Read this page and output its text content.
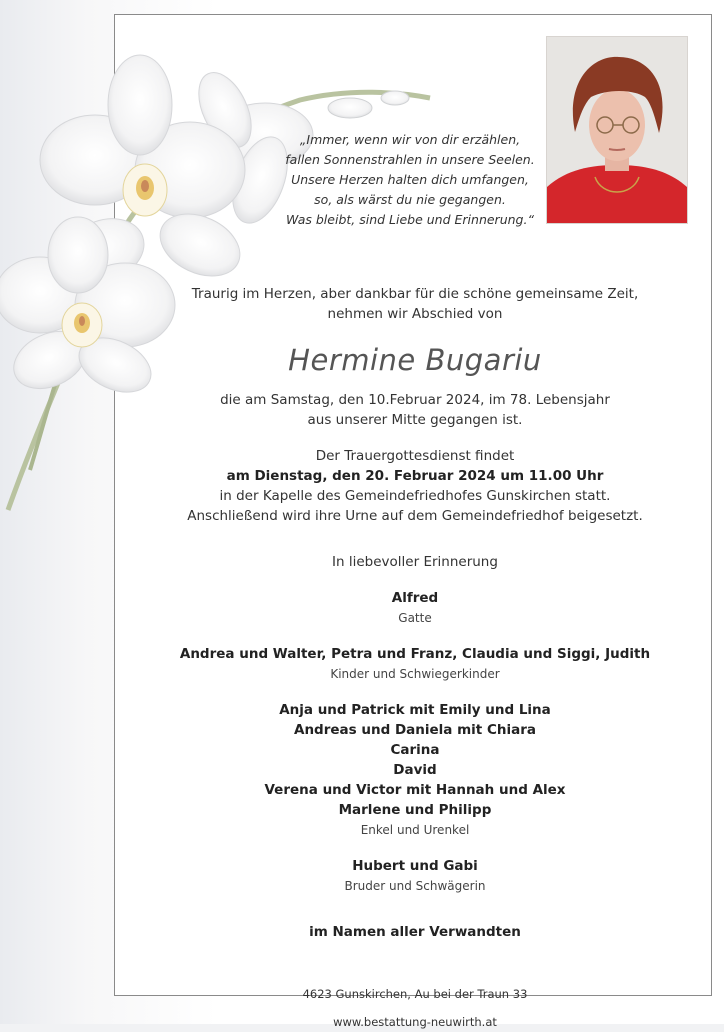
„Immer, wenn wir von dir erzählen,
fallen Sonnenstrahlen in unsere Seelen.
Unsere Herzen halten dich umfangen,
so, als wärst du nie gegangen.
Was bleibt, sind Liebe und Erinnerung.“
Traurig im Herzen, aber dankbar für die schöne gemeinsame Zeit,
nehmen wir Abschied von
Hermine Bugariu
die am Samstag, den 10.Februar 2024, im 78. Lebensjahr
aus unserer Mitte gegangen ist.
Der Trauergottesdienst findet
am Dienstag, den 20. Februar 2024 um 11.00 Uhr
in der Kapelle des Gemeindefriedhofes Gunskirchen statt.
Anschließend wird ihre Urne auf dem Gemeindefriedhof beigesetzt.
In liebevoller Erinnerung
Alfred
Gatte
Andrea und Walter, Petra und Franz, Claudia und Siggi, Judith
Kinder und Schwiegerkinder
Anja und Patrick mit Emily und Lina
Andreas und Daniela mit Chiara
Carina
David
Verena und Victor mit Hannah und Alex
Marlene und Philipp
Enkel und Urenkel
Hubert und Gabi
Bruder und Schwägerin
im Namen aller Verwandten
4623 Gunskirchen, Au bei der Traun 33
www.bestattung-neuwirth.at
